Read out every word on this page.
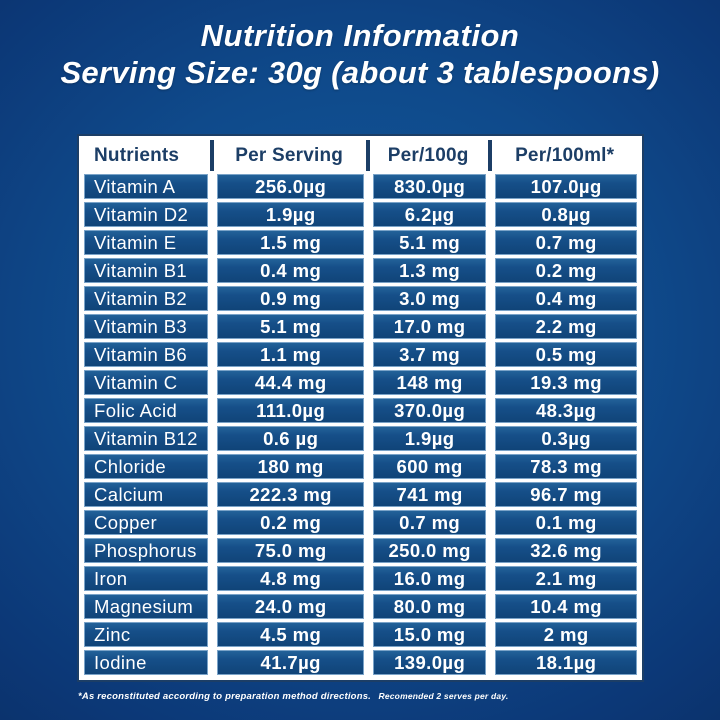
Nutrition Information
Serving Size: 30g (about 3 tablespoons)
Nutrients	Per Serving	Per/100g	Per/100ml*
Vitamin A	256.0µg	830.0µg	107.0µg
Vitamin D2	1.9µg	6.2µg	0.8µg
Vitamin E	1.5 mg	5.1 mg	0.7 mg
Vitamin B1	0.4 mg	1.3 mg	0.2 mg
Vitamin B2	0.9 mg	3.0 mg	0.4 mg
Vitamin B3	5.1 mg	17.0 mg	2.2 mg
Vitamin B6	1.1 mg	3.7 mg	0.5 mg
Vitamin C	44.4 mg	148 mg	19.3 mg
Folic Acid	111.0µg	370.0µg	48.3µg
Vitamin B12	0.6 µg	1.9µg	0.3µg
Chloride	180 mg	600 mg	78.3 mg
Calcium	222.3 mg	741 mg	96.7 mg
Copper	0.2 mg	0.7 mg	0.1 mg
Phosphorus	75.0 mg	250.0 mg	32.6 mg
Iron	4.8 mg	16.0 mg	2.1 mg
Magnesium	24.0 mg	80.0 mg	10.4 mg
Zinc	4.5 mg	15.0 mg	2 mg
Iodine	41.7µg	139.0µg	18.1µg
*As reconstituted according to preparation method directions. Recomended 2 serves per day.
